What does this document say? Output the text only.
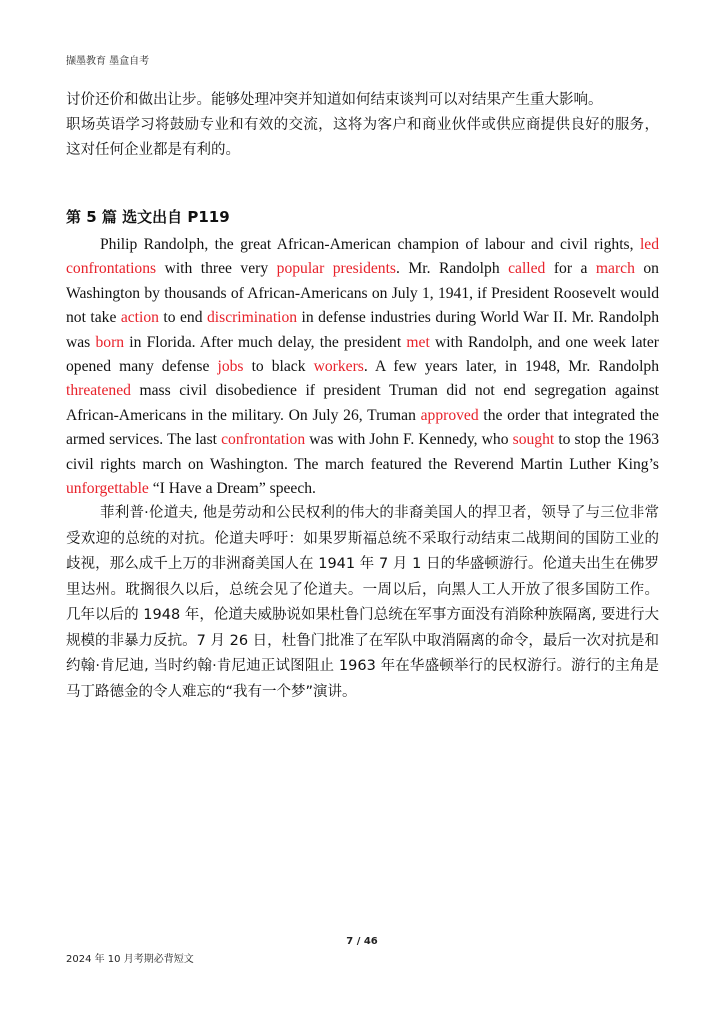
撷墨教育 墨盒自考

讨价还价和做出让步。能够处理冲突并知道如何结束谈判可以对结果产生重大影响。

职场英语学习将鼓励专业和有效的交流，这将为客户和商业伙伴或供应商提供良好的服务，这对任何企业都是有利的。

第 5 篇 选文出自 P119

Philip Randolph, the great African-American champion of labour and civil rights, led confrontations with three very popular presidents. Mr. Randolph called for a march on Washington by thousands of African-Americans on July 1, 1941, if President Roosevelt would not take action to end discrimination in defense industries during World War II. Mr. Randolph was born in Florida. After much delay, the president met with Randolph, and one week later opened many defense jobs to black workers. A few years later, in 1948, Mr. Randolph threatened mass civil disobedience if president Truman did not end segregation against African-Americans in the military. On July 26, Truman approved the order that integrated the armed services. The last confrontation was with John F. Kennedy, who sought to stop the 1963 civil rights march on Washington. The march featured the Reverend Martin Luther King’s unforgettable “I Have a Dream” speech.

菲利普·伦道夫, 他是劳动和公民权利的伟大的非裔美国人的捍卫者，领导了与三位非常受欢迎的总统的对抗。伦道夫呼吁：如果罗斯福总统不采取行动结束二战期间的国防工业的歧视，那么成千上万的非洲裔美国人在 1941 年 7 月 1 日的华盛顿游行。伦道夫出生在佛罗里达州。耽搁很久以后，总统会见了伦道夫。一周以后，向黑人工人开放了很多国防工作。几年以后的 1948 年，伦道夫威胁说如果杜鲁门总统在军事方面没有消除种族隔离, 要进行大规模的非暴力反抗。7 月 26 日，杜鲁门批准了在军队中取消隔离的命令，最后一次对抗是和约翰·肯尼迪, 当时约翰·肯尼迪正试图阻止 1963 年在华盛顿举行的民权游行。游行的主角是马丁路德金的令人难忘的“我有一个梦”演讲。

7 / 46
2024 年 10 月考期必背短文
